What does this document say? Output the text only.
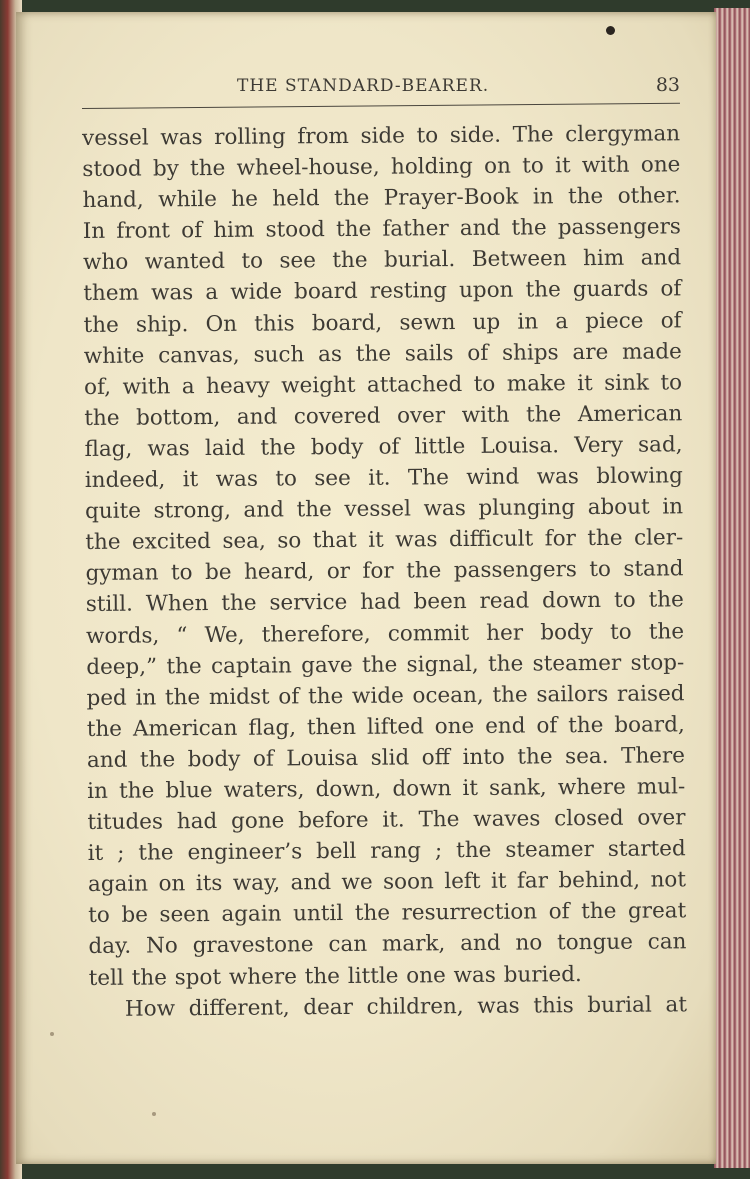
THE STANDARD-BEARER.	83
vessel was rolling from side to side. The clergyman
stood by the wheel-house, holding on to it with one
hand, while he held the Prayer-Book in the other.
In front of him stood the father and the passengers
who wanted to see the burial. Between him and
them was a wide board resting upon the guards of
the ship. On this board, sewn up in a piece of
white canvas, such as the sails of ships are made
of, with a heavy weight attached to make it sink to
the bottom, and covered over with the American
flag, was laid the body of little Louisa. Very sad,
indeed, it was to see it. The wind was blowing
quite strong, and the vessel was plunging about in
the excited sea, so that it was difficult for the cler-
gyman to be heard, or for the passengers to stand
still. When the service had been read down to the
words, “ We, therefore, commit her body to the
deep,” the captain gave the signal, the steamer stop-
ped in the midst of the wide ocean, the sailors raised
the American flag, then lifted one end of the board,
and the body of Louisa slid off into the sea. There
in the blue waters, down, down it sank, where mul-
titudes had gone before it. The waves closed over
it ; the engineer’s bell rang ; the steamer started
again on its way, and we soon left it far behind, not
to be seen again until the resurrection of the great
day. No gravestone can mark, and no tongue can
tell the spot where the little one was buried.
How different, dear children, was this burial at
